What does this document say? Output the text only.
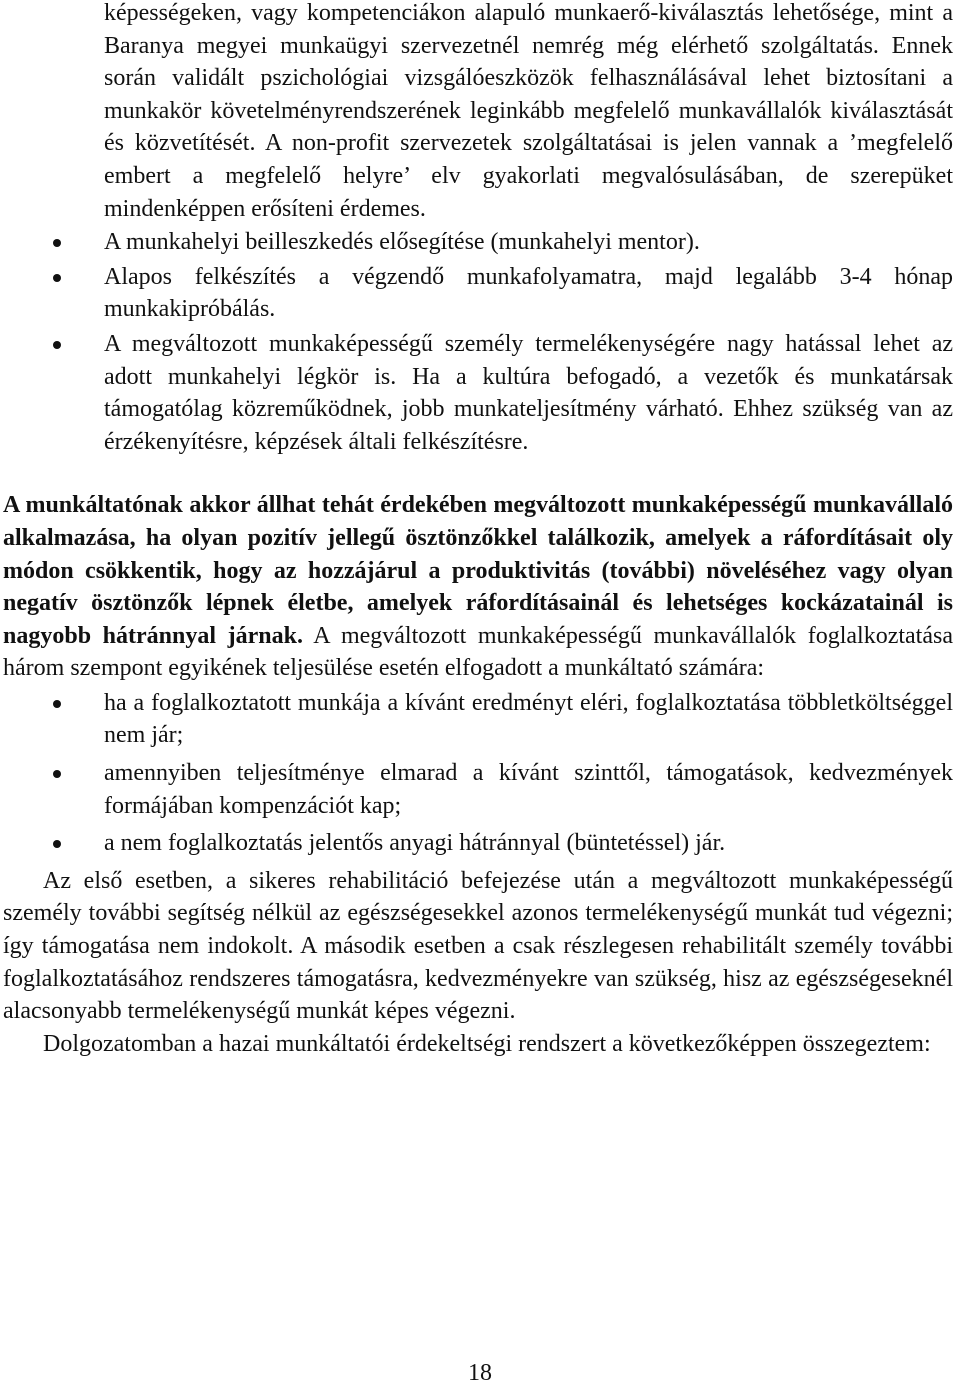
képességeken, vagy kompetenciákon alapuló munkaerő-kiválasztás lehetősége, mint a Baranya megyei munkaügyi szervezetnél nemrég még elérhető szolgáltatás. Ennek során validált pszichológiai vizsgálóeszközök felhasználásával lehet biztosítani a munkakör követelményrendszerének leginkább megfelelő munkavállalók kiválasztását és közvetítését. A non-profit szervezetek szolgáltatásai is jelen vannak a ’megfelelő embert a megfelelő helyre’ elv gyakorlati megvalósulásában, de szerepüket mindenképpen erősíteni érdemes.
A munkahelyi beilleszkedés elősegítése (munkahelyi mentor).
Alapos felkészítés a végzendő munkafolyamatra, majd legalább 3-4 hónap munkakipróbálás.
A megváltozott munkaképességű személy termelékenységére nagy hatással lehet az adott munkahelyi légkör is. Ha a kultúra befogadó, a vezetők és munkatársak támogatólag közreműködnek, jobb munkateljesítmény várható. Ehhez szükség van az érzékenyítésre, képzések általi felkészítésre.

A munkáltatónak akkor állhat tehát érdekében megváltozott munkaképességű munkavállaló alkalmazása, ha olyan pozitív jellegű ösztönzőkkel találkozik, amelyek a ráfordításait oly módon csökkentik, hogy az hozzájárul a produktivitás (további) növeléséhez vagy olyan negatív ösztönzők lépnek életbe, amelyek ráfordításainál és lehetséges kockázatainál is nagyobb hátránnyal járnak. A megváltozott munkaképességű munkavállalók foglalkoztatása három szempont egyikének teljesülése esetén elfogadott a munkáltató számára:

ha a foglalkoztatott munkája a kívánt eredményt eléri, foglalkoztatása többletköltséggel nem jár;
amennyiben teljesítménye elmarad a kívánt szinttől, támogatások, kedvezmények formájában kompenzációt kap;
a nem foglalkoztatás jelentős anyagi hátránnyal (büntetéssel) jár.

Az első esetben, a sikeres rehabilitáció befejezése után a megváltozott munkaképességű személy további segítség nélkül az egészségesekkel azonos termelékenységű munkát tud végezni; így támogatása nem indokolt. A második esetben a csak részlegesen rehabilitált személy további foglalkoztatásához rendszeres támogatásra, kedvezményekre van szükség, hisz az egészségeseknél alacsonyabb termelékenységű munkát képes végezni.

Dolgozatomban a hazai munkáltatói érdekeltségi rendszert a következőképpen összegeztem:

18
